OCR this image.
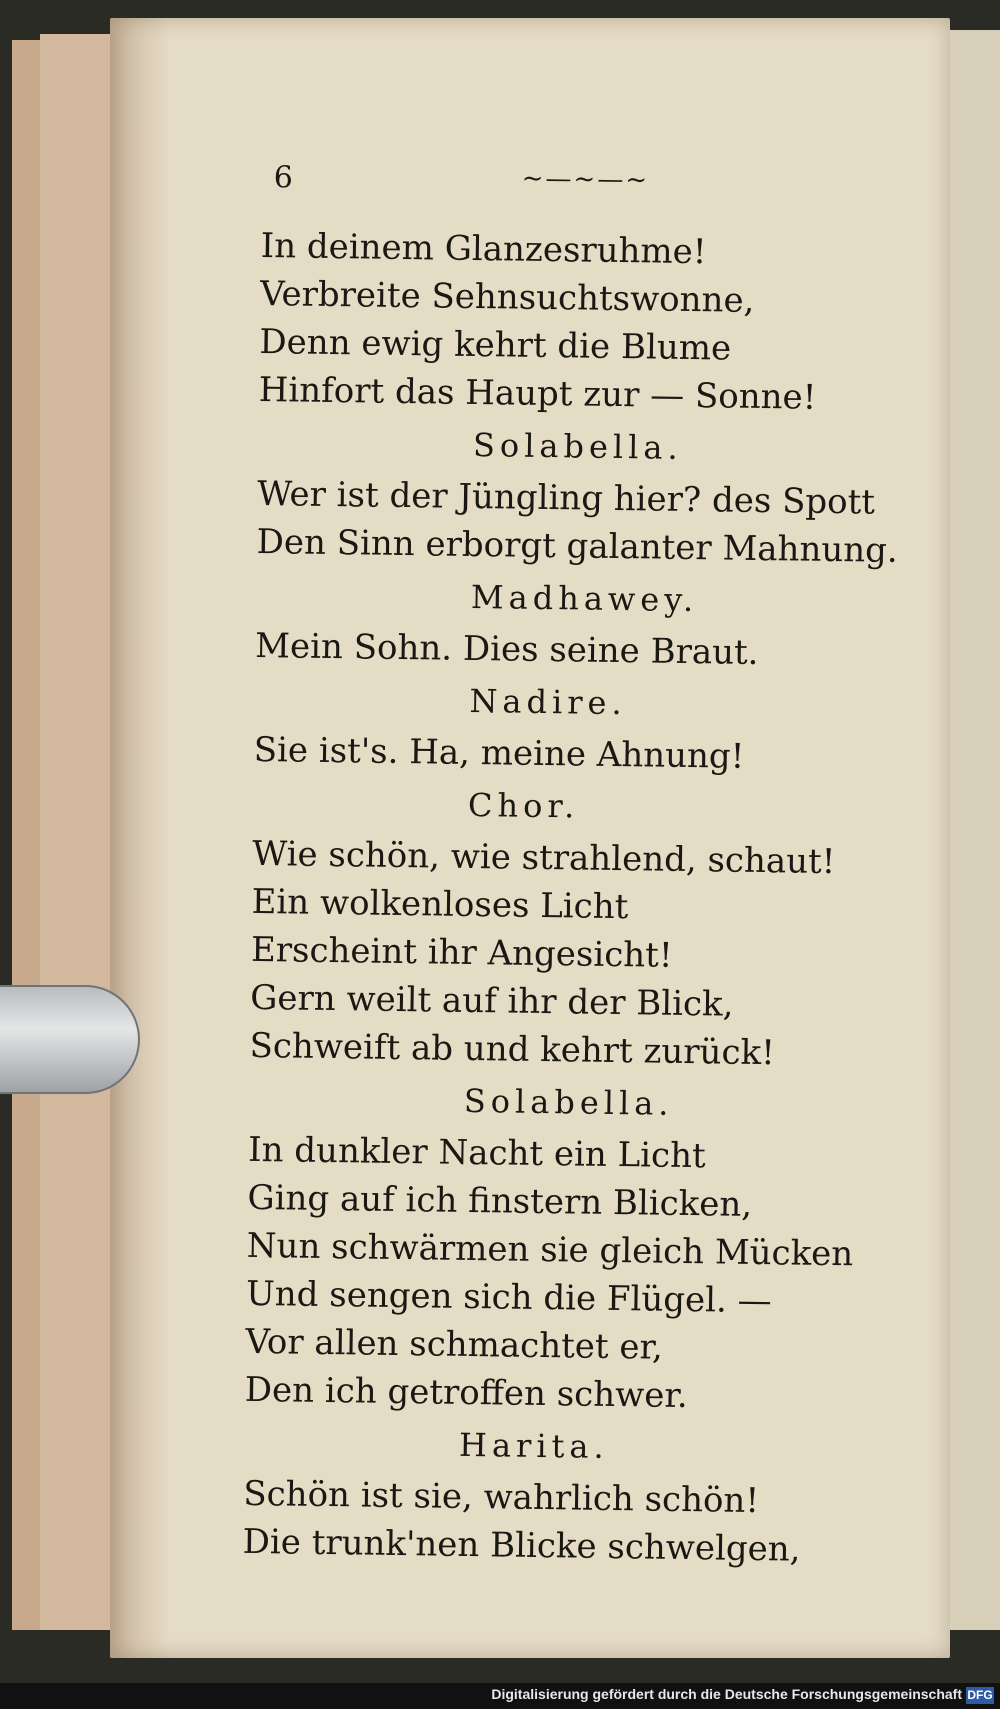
6	~—~—~
In deinem Glanzesruhme!
Verbreite Sehnsuchtswonne,
Denn ewig kehrt die Blume
Hinfort das Haupt zur — Sonne!
Solabella.
Wer ist der Jüngling hier? des Spott
Den Sinn erborgt galanter Mahnung.
Madhawey.
Mein Sohn. Dies seine Braut.
Nadire.
Sie ist's. Ha, meine Ahnung!
Chor.
Wie schön, wie strahlend, schaut!
Ein wolkenloses Licht
Erscheint ihr Angesicht!
Gern weilt auf ihr der Blick,
Schweift ab und kehrt zurück!
Solabella.
In dunkler Nacht ein Licht
Ging auf ich finstern Blicken,
Nun schwärmen sie gleich Mücken
Und sengen sich die Flügel. —
Vor allen schmachtet er,
Den ich getroffen schwer.
Harita.
Schön ist sie, wahrlich schön!
Die trunk'nen Blicke schwelgen,
Digitalisierung gefördert durch die Deutsche Forschungsgemeinschaft DFG
